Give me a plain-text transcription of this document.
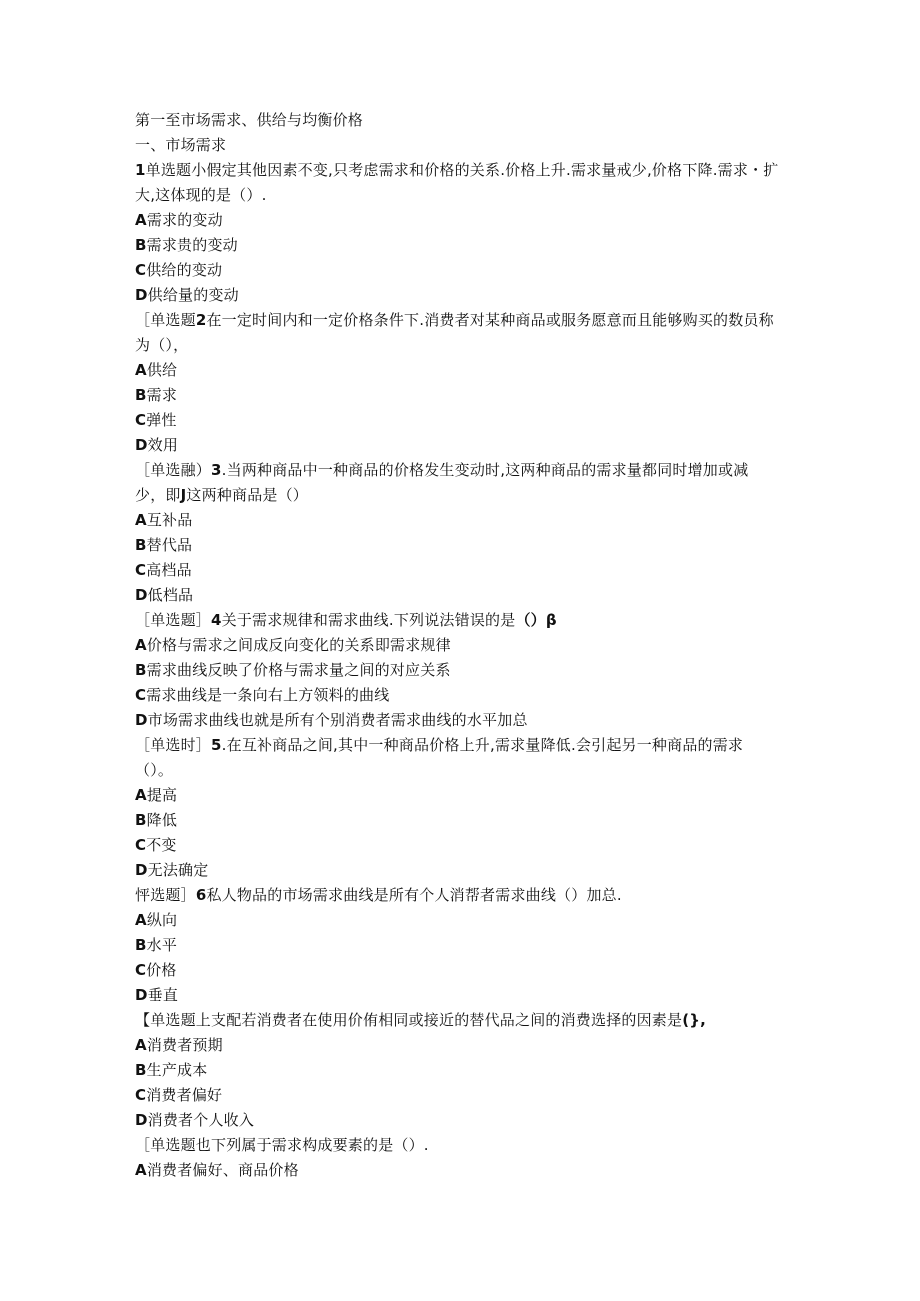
第一至市场需求、供给与均衡价格
一、市场需求
1单选题小假定其他因素不变,只考虑需求和价格的关系.价格上升.需求量戒少,价格下降.需求・扩
大,这体现的是（）.
A需求的变动
B需求贵的变动
C供给的变动
D供给量的变动
［单选题2在一定时间内和一定价格条件下.消费者对某种商品或服务愿意而且能够购买的数员称
为（），
A供给
B需求
C弹性
D效用
［单选融）3.当两种商品中一种商品的价格发生变动时,这两种商品的需求量都同时增加或减
少，即J这两种商品是（）
A互补品
B替代品
C高档品
D低档品
［单选题］4关于需求规律和需求曲线.下列说法错误的是（）β
A价格与需求之间成反向变化的关系即需求规律
B需求曲线反映了价格与需求量之间的对应关系
C需求曲线是一条向右上方领料的曲线
D市场需求曲线也就是所有个别消费者需求曲线的水平加总
［单选时］5.在互补商品之间,其中一种商品价格上升,需求量降低.会引起另一种商品的需求
（）。
A提高
B降低
C不变
D无法确定
怦选题］6私人物品的市场需求曲线是所有个人消帮者需求曲线（）加总.
A纵向
B水平
C价格
D垂直
【单选题上支配若消费者在使用价侑相同或接近的替代品之间的消费选择的因素是(},
A消费者预期
B生产成本
C消费者偏好
D消费者个人收入
［单选题也下列属于需求构成要素的是（）.
A消费者偏好、商品价格
